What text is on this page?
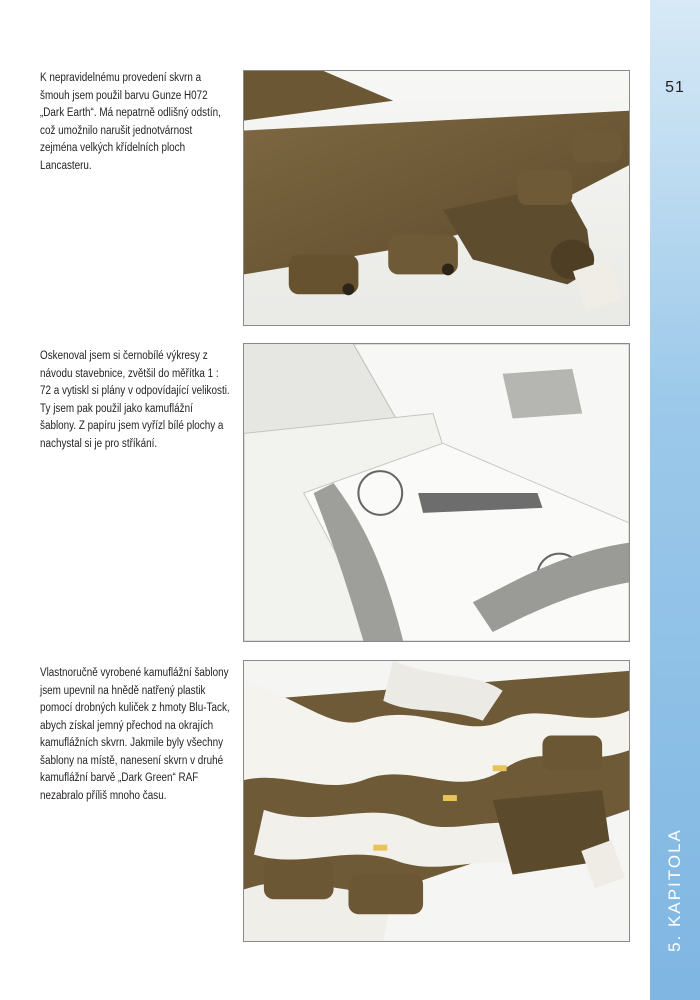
51
5. KAPITOLA

K nepravidelnému provedení skvrn a šmouh jsem použil barvu Gunze H072 „Dark Earth“. Má nepatrně odlišný odstín, což umožnilo narušit jednotvárnost zejména velkých křídelních ploch Lancasteru.

Oskenoval jsem si černobílé výkresy z návodu stavebnice, zvětšil do měřítka 1 : 72 a vytiskl si plány v odpovídající velikosti. Ty jsem pak použil jako kamuflážní šablony. Z papíru jsem vyřízl bílé plochy a nachystal si je pro stříkání.

Vlastnoručně vyrobené kamuflážní šablony jsem upevnil na hnědě natřený plastik pomocí drobných kuliček z hmoty Blu-Tack, abych získal jemný přechod na okrajích kamuflážních skvrn. Jakmile byly všechny šablony na místě, nanesení skvrn v druhé kamuflážní barvě „Dark Green“ RAF nezabralo příliš mnoho času.
